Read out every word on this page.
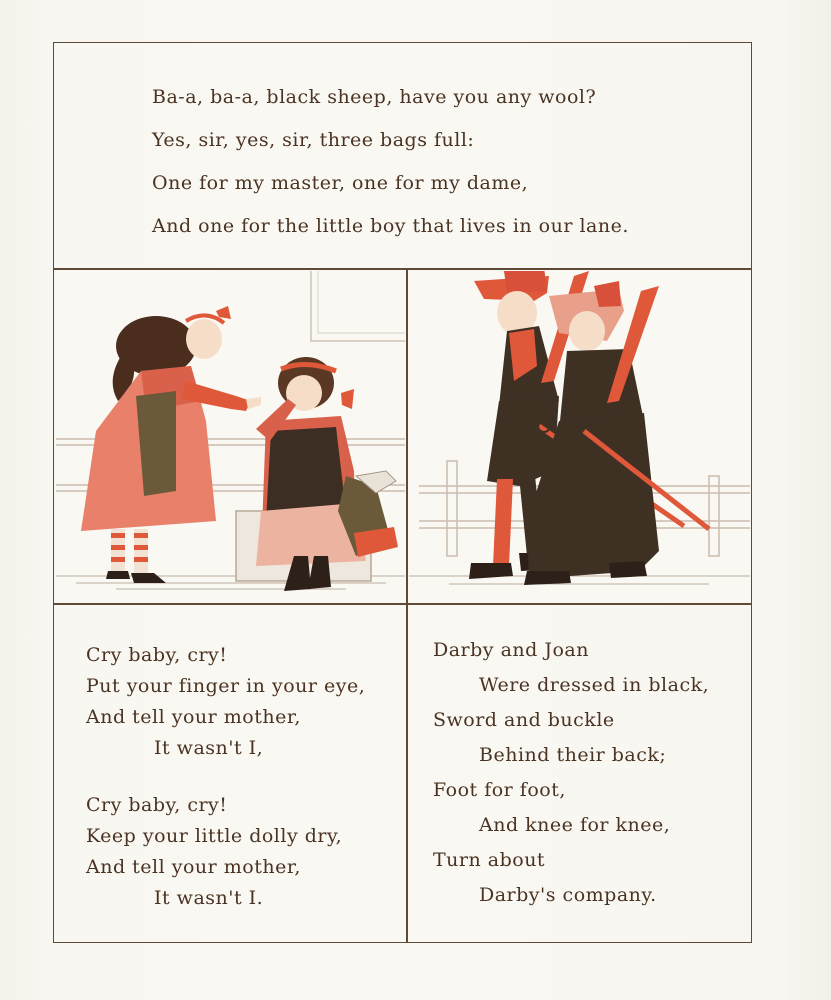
Ba-a, ba-a, black sheep, have you any wool?
Yes, sir, yes, sir, three bags full:
One for my master, one for my dame,
And one for the little boy that lives in our lane.
Cry baby, cry!
Put your finger in your eye,
And tell your mother,
It wasn't I,
Cry baby, cry!
Keep your little dolly dry,
And tell your mother,
It wasn't I.
Darby and Joan
Were dressed in black,
Sword and buckle
Behind their back;
Foot for foot,
And knee for knee,
Turn about
Darby's company.
